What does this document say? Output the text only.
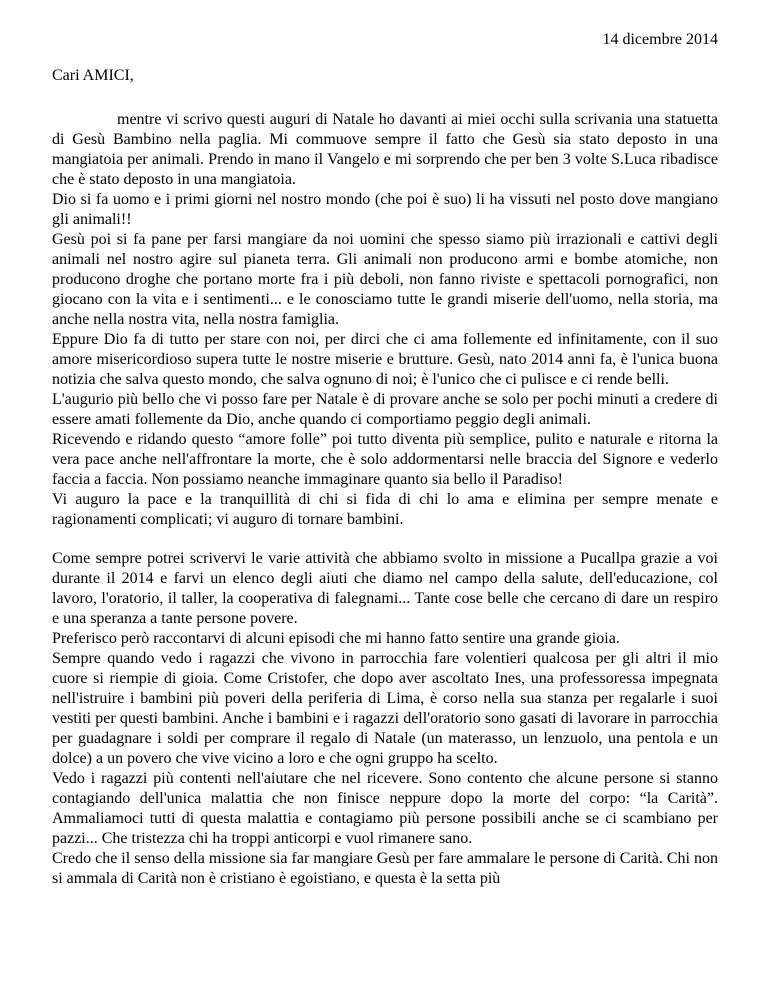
14 dicembre 2014
Cari AMICI,

mentre vi scrivo questi auguri di Natale ho davanti ai miei occhi sulla scrivania una statuetta di Gesù Bambino nella paglia. Mi commuove sempre il fatto che Gesù sia stato deposto in una mangiatoia per animali. Prendo in mano il Vangelo e mi sorprendo che per ben 3 volte S.Luca ribadisce che è stato deposto in una mangiatoia.

Dio si fa uomo e i primi giorni nel nostro mondo (che poi è suo) li ha vissuti nel posto dove mangiano gli animali!!

Gesù poi si fa pane per farsi mangiare da noi uomini che spesso siamo più irrazionali e cattivi degli animali nel nostro agire sul pianeta terra. Gli animali non producono armi e bombe atomiche, non producono droghe che portano morte fra i più deboli, non fanno riviste e spettacoli pornografici, non giocano con la vita e i sentimenti... e le conosciamo tutte le grandi miserie dell'uomo, nella storia, ma anche nella nostra vita, nella nostra famiglia.

Eppure Dio fa di tutto per stare con noi, per dirci che ci ama follemente ed infinitamente, con il suo amore misericordioso supera tutte le nostre miserie e brutture. Gesù, nato 2014 anni fa, è l'unica buona notizia che salva questo mondo, che salva ognuno di noi; è l'unico che ci pulisce e ci rende belli.

L'augurio più bello che vi posso fare per Natale è di provare anche se solo per pochi minuti a credere di essere amati follemente da Dio, anche quando ci comportiamo peggio degli animali.

Ricevendo e ridando questo “amore folle” poi tutto diventa più semplice, pulito e naturale e ritorna la vera pace anche nell'affrontare la morte, che è solo addormentarsi nelle braccia del Signore e vederlo faccia a faccia. Non possiamo neanche immaginare quanto sia bello il Paradiso!

Vi auguro la pace e la tranquillità di chi si fida di chi lo ama e elimina per sempre menate e ragionamenti complicati; vi auguro di tornare bambini.

Come sempre potrei scrivervi le varie attività che abbiamo svolto in missione a Pucallpa grazie a voi durante il 2014 e farvi un elenco degli aiuti che diamo nel campo della salute, dell'educazione, col lavoro, l'oratorio, il taller, la cooperativa di falegnami... Tante cose belle che cercano di dare un respiro e una speranza a tante persone povere.

Preferisco però raccontarvi di alcuni episodi che mi hanno fatto sentire una grande gioia.

Sempre quando vedo i ragazzi che vivono in parrocchia fare volentieri qualcosa per gli altri il mio cuore si riempie di gioia. Come Cristofer, che dopo aver ascoltato Ines, una professoressa impegnata nell'istruire i bambini più poveri della periferia di Lima, è corso nella sua stanza per regalarle i suoi vestiti per questi bambini. Anche i bambini e i ragazzi dell'oratorio sono gasati di lavorare in parrocchia per guadagnare i soldi per comprare il regalo di Natale (un materasso, un lenzuolo, una pentola e un dolce) a un povero che vive vicino a loro e che ogni gruppo ha scelto.

Vedo i ragazzi più contenti nell'aiutare che nel ricevere. Sono contento che alcune persone si stanno contagiando dell'unica malattia che non finisce neppure dopo la morte del corpo: “la Carità”. Ammaliamoci tutti di questa malattia e contagiamo più persone possibili anche se ci scambiano per pazzi... Che tristezza chi ha troppi anticorpi e vuol rimanere sano.

Credo che il senso della missione sia far mangiare Gesù per fare ammalare le persone di Carità. Chi non si ammala di Carità non è cristiano è egoistiano, e questa è la setta più
